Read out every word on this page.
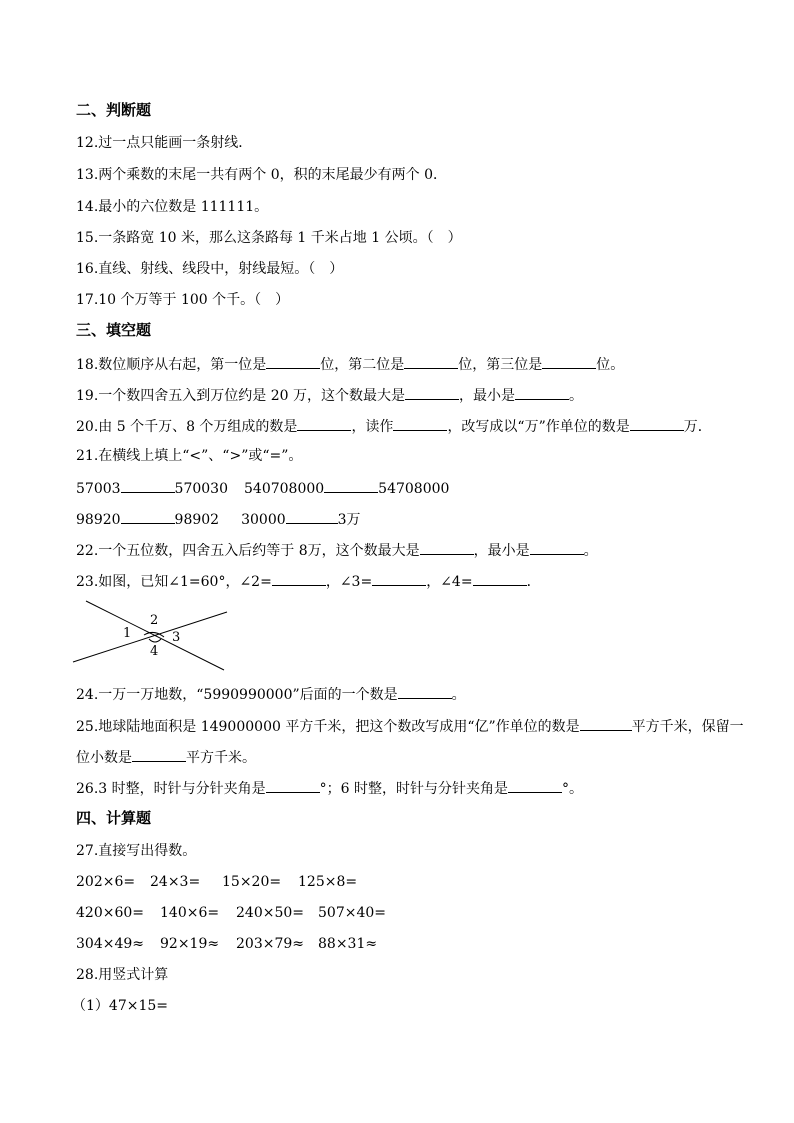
二、判断题
12.过一点只能画一条射线．
13.两个乘数的末尾一共有两个 0，积的末尾最少有两个 0．
14.最小的六位数是 111111。
15.一条路宽 10 米，那么这条路每 1 千米占地 1 公顷。（　）
16.直线、射线、线段中，射线最短。（　）
17.10 个万等于 100 个千。（　）
三、填空题
18.数位顺序从右起，第一位是	位，第二位是	位，第三位是	位。
19.一个数四舍五入到万位约是 20 万，这个数最大是	，最小是	。
20.由 5 个千万、8 个万组成的数是	，读作	，改写成以“万”作单位的数是	万．
21.在横线上填上“<”、“>”或“=”。
57003	570030 540708000	54708000
98920	98902 30000	3万
22.一个五位数，四舍五入后约等于 8万，这个数最大是	，最小是	。
23.如图，已知∠1=60°，∠2=	，∠3=	，∠4=	．
1
2
3
4
24.一万一万地数，“5990990000”后面的一个数是	。
25.地球陆地面积是 149000000 平方千米，把这个数改写成用“亿”作单位的数是	平方千米，保留一
位小数是	平方千米。
26.3 时整，时针与分针夹角是	°；6 时整，时针与分针夹角是	°。
四、计算题
27.直接写出得数。
202×6= 24×3= 15×20= 125×8=
420×60= 140×6= 240×50= 507×40=
304×49≈ 92×19≈ 203×79≈ 88×31≈
28.用竖式计算
（1）47×15=
